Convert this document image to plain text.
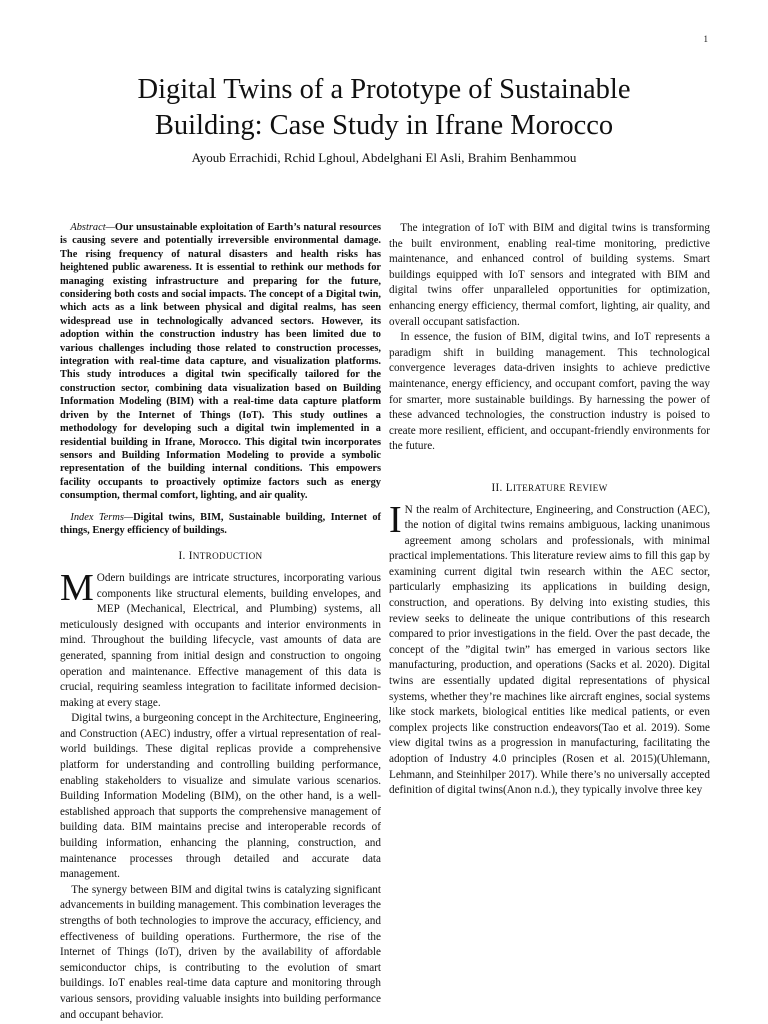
1
Digital Twins of a Prototype of Sustainable
Building: Case Study in Ifrane Morocco
Ayoub Errachidi, Rchid Lghoul, Abdelghani El Asli, Brahim Benhammou

Abstract—Our unsustainable exploitation of Earth’s natural resources is causing severe and potentially irreversible environmental damage. The rising frequency of natural disasters and health risks has heightened public awareness. It is essential to rethink our methods for managing existing infrastructure and preparing for the future, considering both costs and social impacts. The concept of a Digital twin, which acts as a link between physical and digital realms, has seen widespread use in technologically advanced sectors. However, its adoption within the construction industry has been limited due to various challenges including those related to construction processes, integration with real-time data capture, and visualization platforms. This study introduces a digital twin specifically tailored for the construction sector, combining data visualization based on Building Information Modeling (BIM) with a real-time data capture platform driven by the Internet of Things (IoT). This study outlines a methodology for developing such a digital twin implemented in a residential building in Ifrane, Morocco. This digital twin incorporates sensors and Building Information Modeling to provide a symbolic representation of the building internal conditions. This empowers facility occupants to proactively optimize factors such as energy consumption, thermal comfort, lighting, and air quality.

Index Terms—Digital twins, BIM, Sustainable building, Internet of things, Energy efficiency of buildings.

I. INTRODUCTION

M Odern buildings are intricate structures, incorporating various components like structural elements, building envelopes, and MEP (Mechanical, Electrical, and Plumbing) systems, all meticulously designed with occupants and interior environments in mind. Throughout the building lifecycle, vast amounts of data are generated, spanning from initial design and construction to ongoing operation and maintenance. Effective management of this data is crucial, requiring seamless integration to facilitate informed decision-making at every stage.

Digital twins, a burgeoning concept in the Architecture, Engineering, and Construction (AEC) industry, offer a virtual representation of real-world buildings. These digital replicas provide a comprehensive platform for understanding and controlling building performance, enabling stakeholders to visualize and simulate various scenarios. Building Information Modeling (BIM), on the other hand, is a well-established approach that supports the comprehensive management of building data. BIM maintains precise and interoperable records of building information, enhancing the planning, construction, and maintenance processes through detailed and accurate data management.

The synergy between BIM and digital twins is catalyzing significant advancements in building management. This combination leverages the strengths of both technologies to improve the accuracy, efficiency, and effectiveness of building operations. Furthermore, the rise of the Internet of Things (IoT), driven by the availability of affordable semiconductor chips, is contributing to the evolution of smart buildings. IoT enables real-time data capture and monitoring through various sensors, providing valuable insights into building performance and occupant behavior.

The integration of IoT with BIM and digital twins is transforming the built environment, enabling real-time monitoring, predictive maintenance, and enhanced control of building systems. Smart buildings equipped with IoT sensors and integrated with BIM and digital twins offer unparalleled opportunities for optimization, enhancing energy efficiency, thermal comfort, lighting, air quality, and overall occupant satisfaction.

In essence, the fusion of BIM, digital twins, and IoT represents a paradigm shift in building management. This technological convergence leverages data-driven insights to achieve predictive maintenance, energy efficiency, and occupant comfort, paving the way for smarter, more sustainable buildings. By harnessing the power of these advanced technologies, the construction industry is poised to create more resilient, efficient, and occupant-friendly environments for the future.

II. LITERATURE REVIEW

I N the realm of Architecture, Engineering, and Construction (AEC), the notion of digital twins remains ambiguous, lacking unanimous agreement among scholars and professionals, with minimal practical implementations. This literature review aims to fill this gap by examining current digital twin research within the AEC sector, particularly emphasizing its applications in building design, construction, and operations. By delving into existing studies, this review seeks to delineate the unique contributions of this research compared to prior investigations in the field. Over the past decade, the concept of the ”digital twin” has emerged in various sectors like manufacturing, production, and operations (Sacks et al. 2020). Digital twins are essentially updated digital representations of physical systems, whether they’re machines like aircraft engines, social systems like stock markets, biological entities like medical patients, or even complex projects like construction endeavors(Tao et al. 2019). Some view digital twins as a progression in manufacturing, facilitating the adoption of Industry 4.0 principles (Rosen et al. 2015)(Uhlemann, Lehmann, and Steinhilper 2017). While there’s no universally accepted definition of digital twins(Anon n.d.), they typically involve three key
